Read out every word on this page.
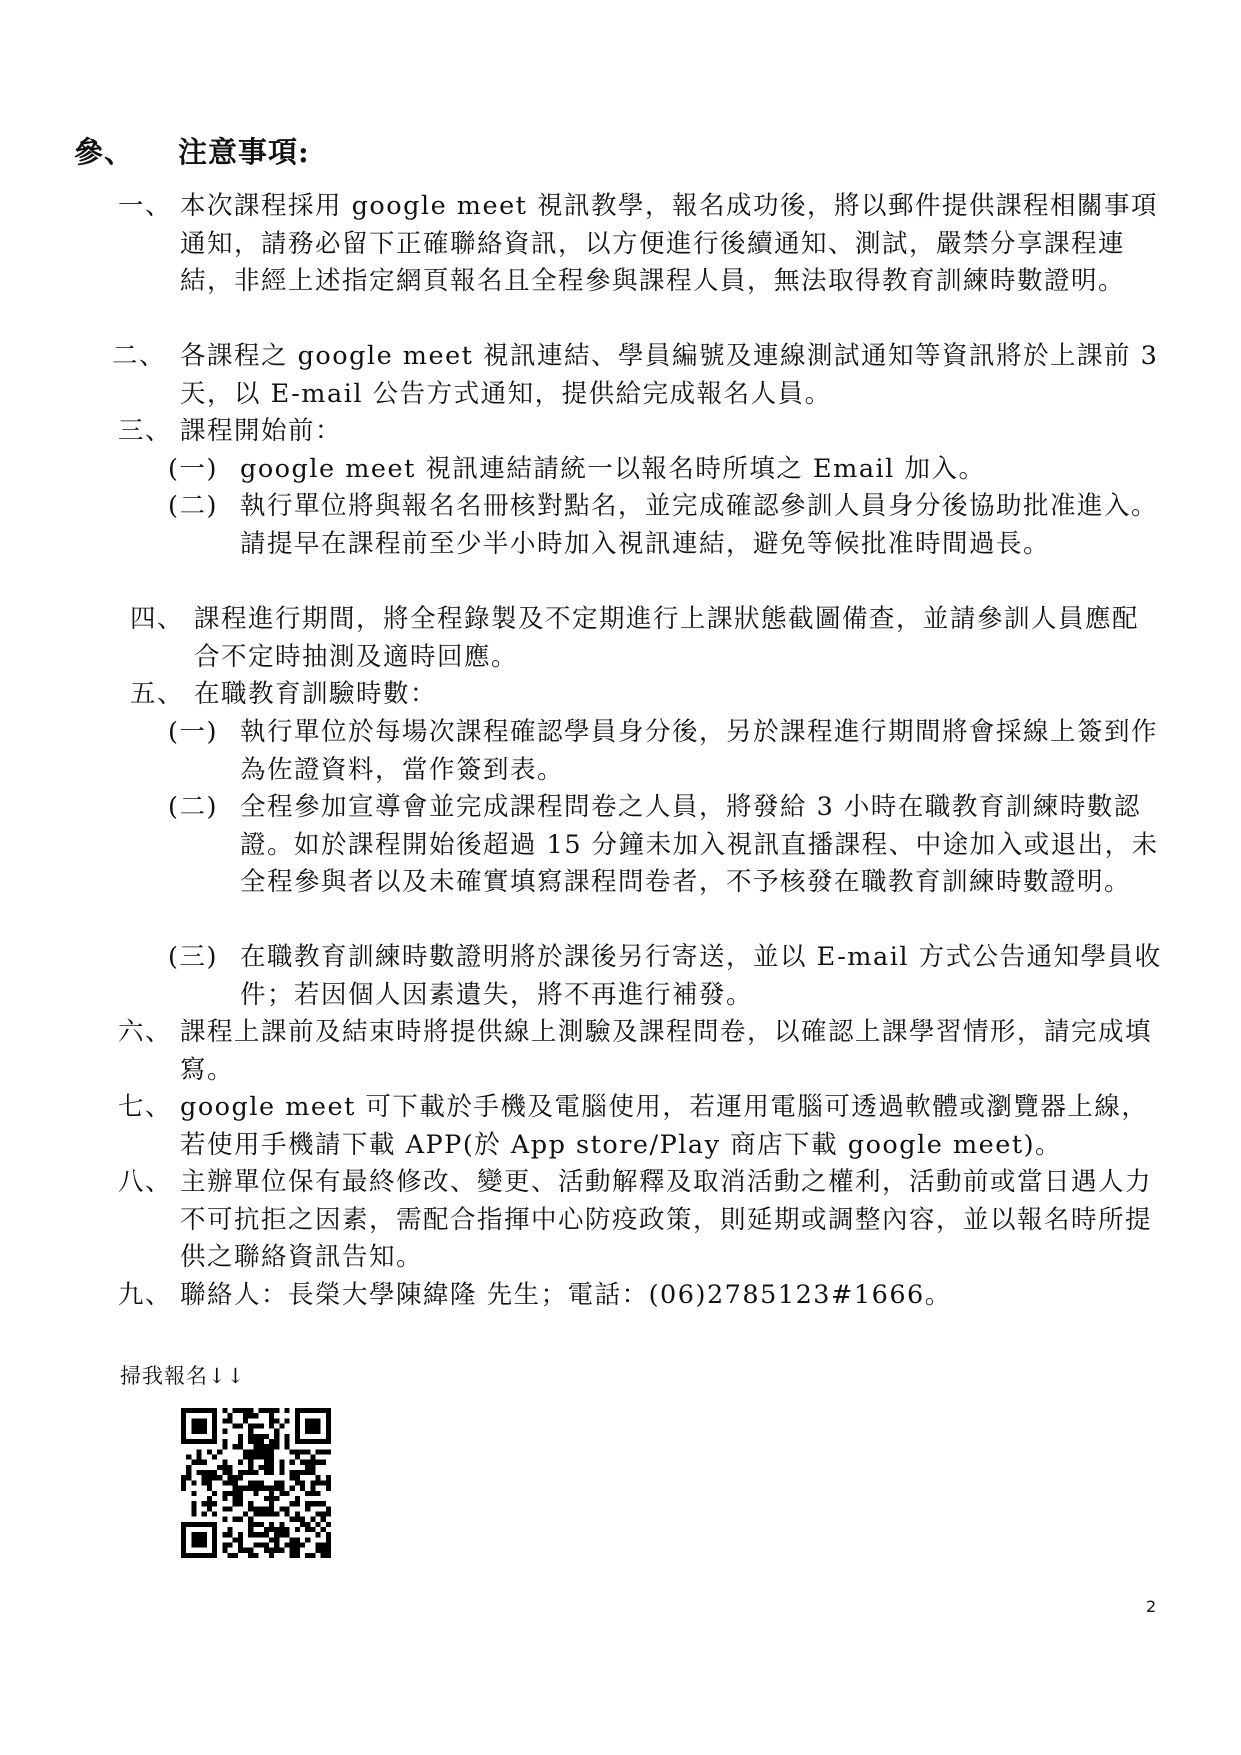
參、 注意事項:
一、 本次課程採用 google meet 視訊教學，報名成功後，將以郵件提供課程相關事項通知，請務必留下正確聯絡資訊，以方便進行後續通知、測試，嚴禁分享課程連結，非經上述指定網頁報名且全程參與課程人員，無法取得教育訓練時數證明。
二、 各課程之 google meet 視訊連結、學員編號及連線測試通知等資訊將於上課前 3 天，以 E-mail 公告方式通知，提供給完成報名人員。
三、 課程開始前：
(一) google meet 視訊連結請統一以報名時所填之 Email 加入。
(二) 執行單位將與報名名冊核對點名，並完成確認參訓人員身分後協助批准進入。請提早在課程前至少半小時加入視訊連結，避免等候批准時間過長。
四、 課程進行期間，將全程錄製及不定期進行上課狀態截圖備查，並請參訓人員應配合不定時抽測及適時回應。
五、 在職教育訓驗時數：
(一) 執行單位於每場次課程確認學員身分後，另於課程進行期間將會採線上簽到作為佐證資料，當作簽到表。
(二) 全程參加宣導會並完成課程問卷之人員，將發給 3 小時在職教育訓練時數認證。如於課程開始後超過 15 分鐘未加入視訊直播課程、中途加入或退出，未全程參與者以及未確實填寫課程問卷者，不予核發在職教育訓練時數證明。
(三) 在職教育訓練時數證明將於課後另行寄送，並以 E-mail 方式公告通知學員收件；若因個人因素遺失，將不再進行補發。
六、 課程上課前及結束時將提供線上測驗及課程問卷，以確認上課學習情形，請完成填寫。
七、 google meet 可下載於手機及電腦使用，若運用電腦可透過軟體或瀏覽器上線，若使用手機請下載 APP(於 App store/Play 商店下載 google meet)。
八、 主辦單位保有最終修改、變更、活動解釋及取消活動之權利，活動前或當日遇人力不可抗拒之因素，需配合指揮中心防疫政策，則延期或調整內容，並以報名時所提供之聯絡資訊告知。
九、 聯絡人：長榮大學陳緯隆 先生；電話：(06)2785123#1666。
掃我報名↓↓
2
